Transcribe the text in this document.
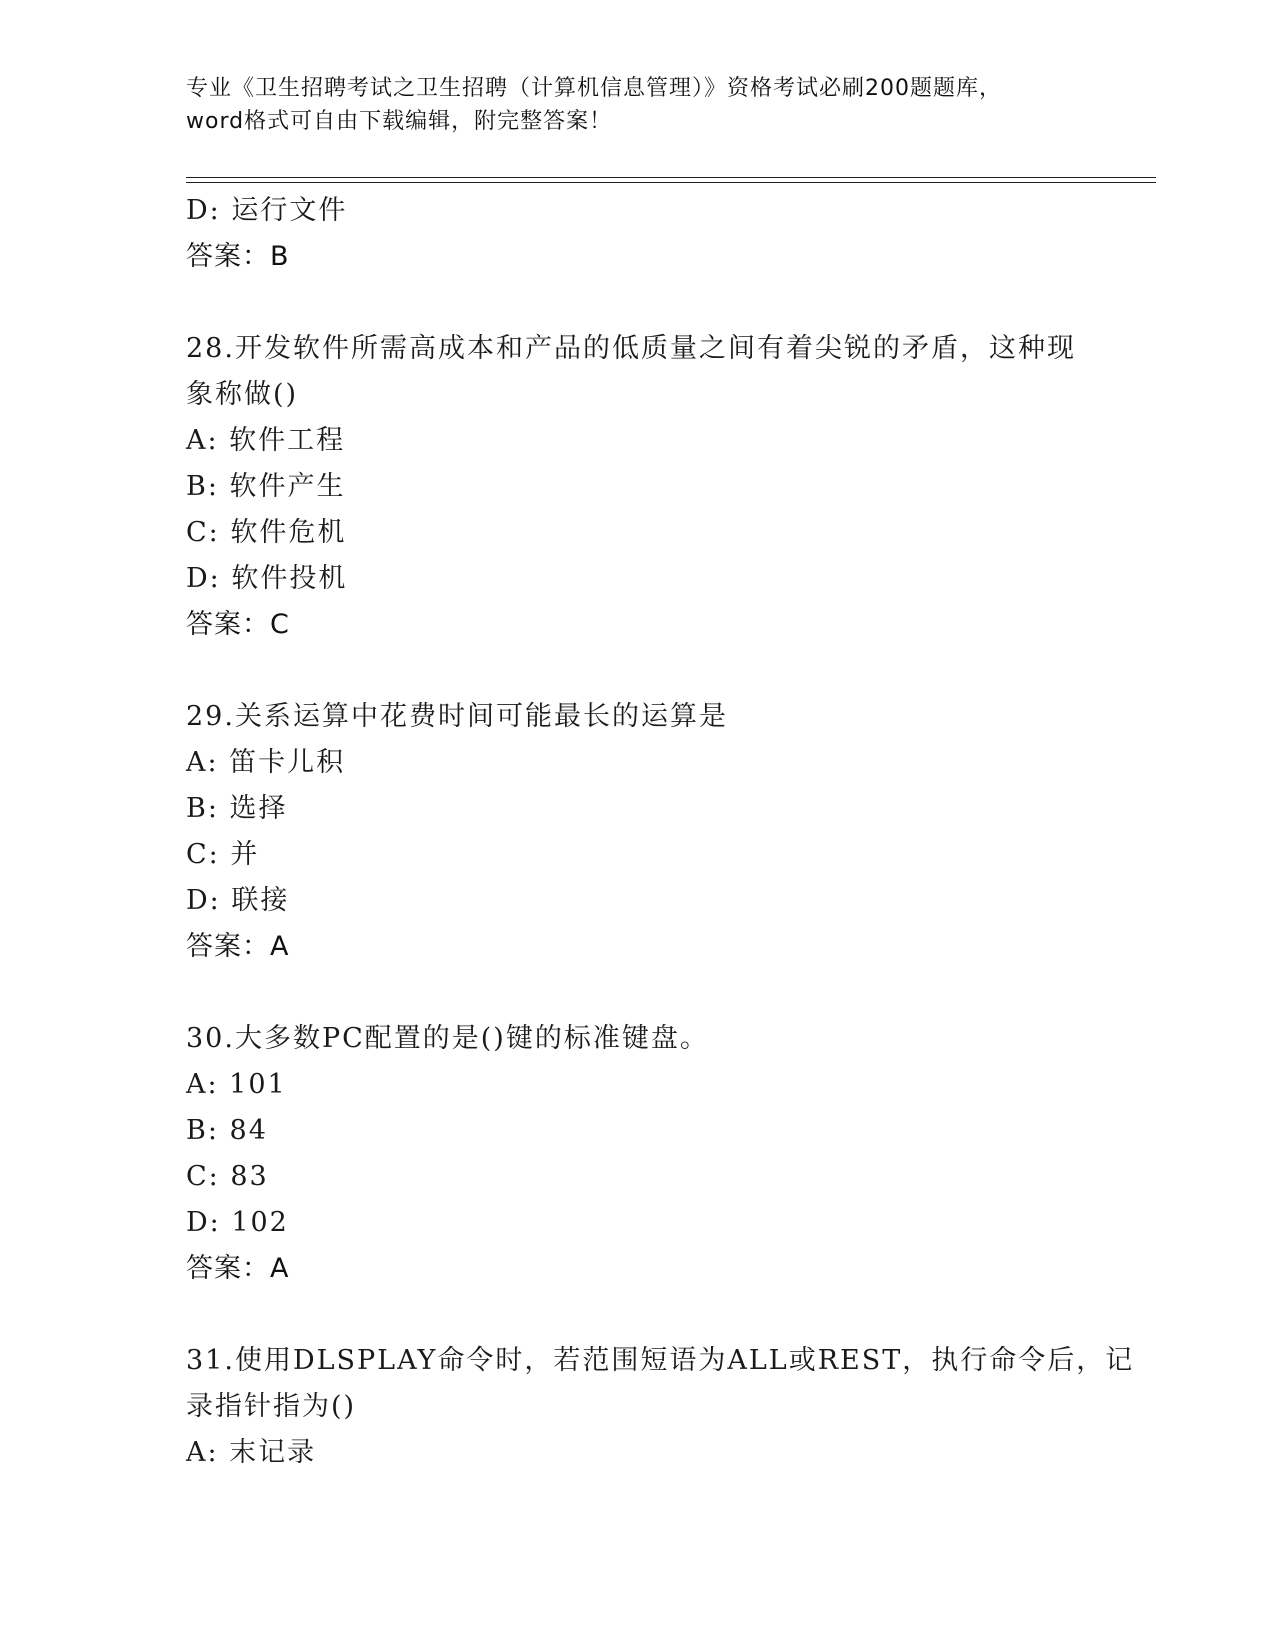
专业《卫生招聘考试之卫生招聘（计算机信息管理）》资格考试必刷200题题库，
word格式可自由下载编辑，附完整答案！
D: 运行文件
答案：B
28.开发软件所需高成本和产品的低质量之间有着尖锐的矛盾，这种现
象称做()
A: 软件工程
B: 软件产生
C: 软件危机
D: 软件投机
答案：C
29.关系运算中花费时间可能最长的运算是
A: 笛卡儿积
B: 选择
C: 并
D: 联接
答案：A
30.大多数PC配置的是()键的标准键盘。
A: 101
B: 84
C: 83
D: 102
答案：A
31.使用DLSPLAY命令时，若范围短语为ALL或REST，执行命令后，记
录指针指为()
A: 末记录
